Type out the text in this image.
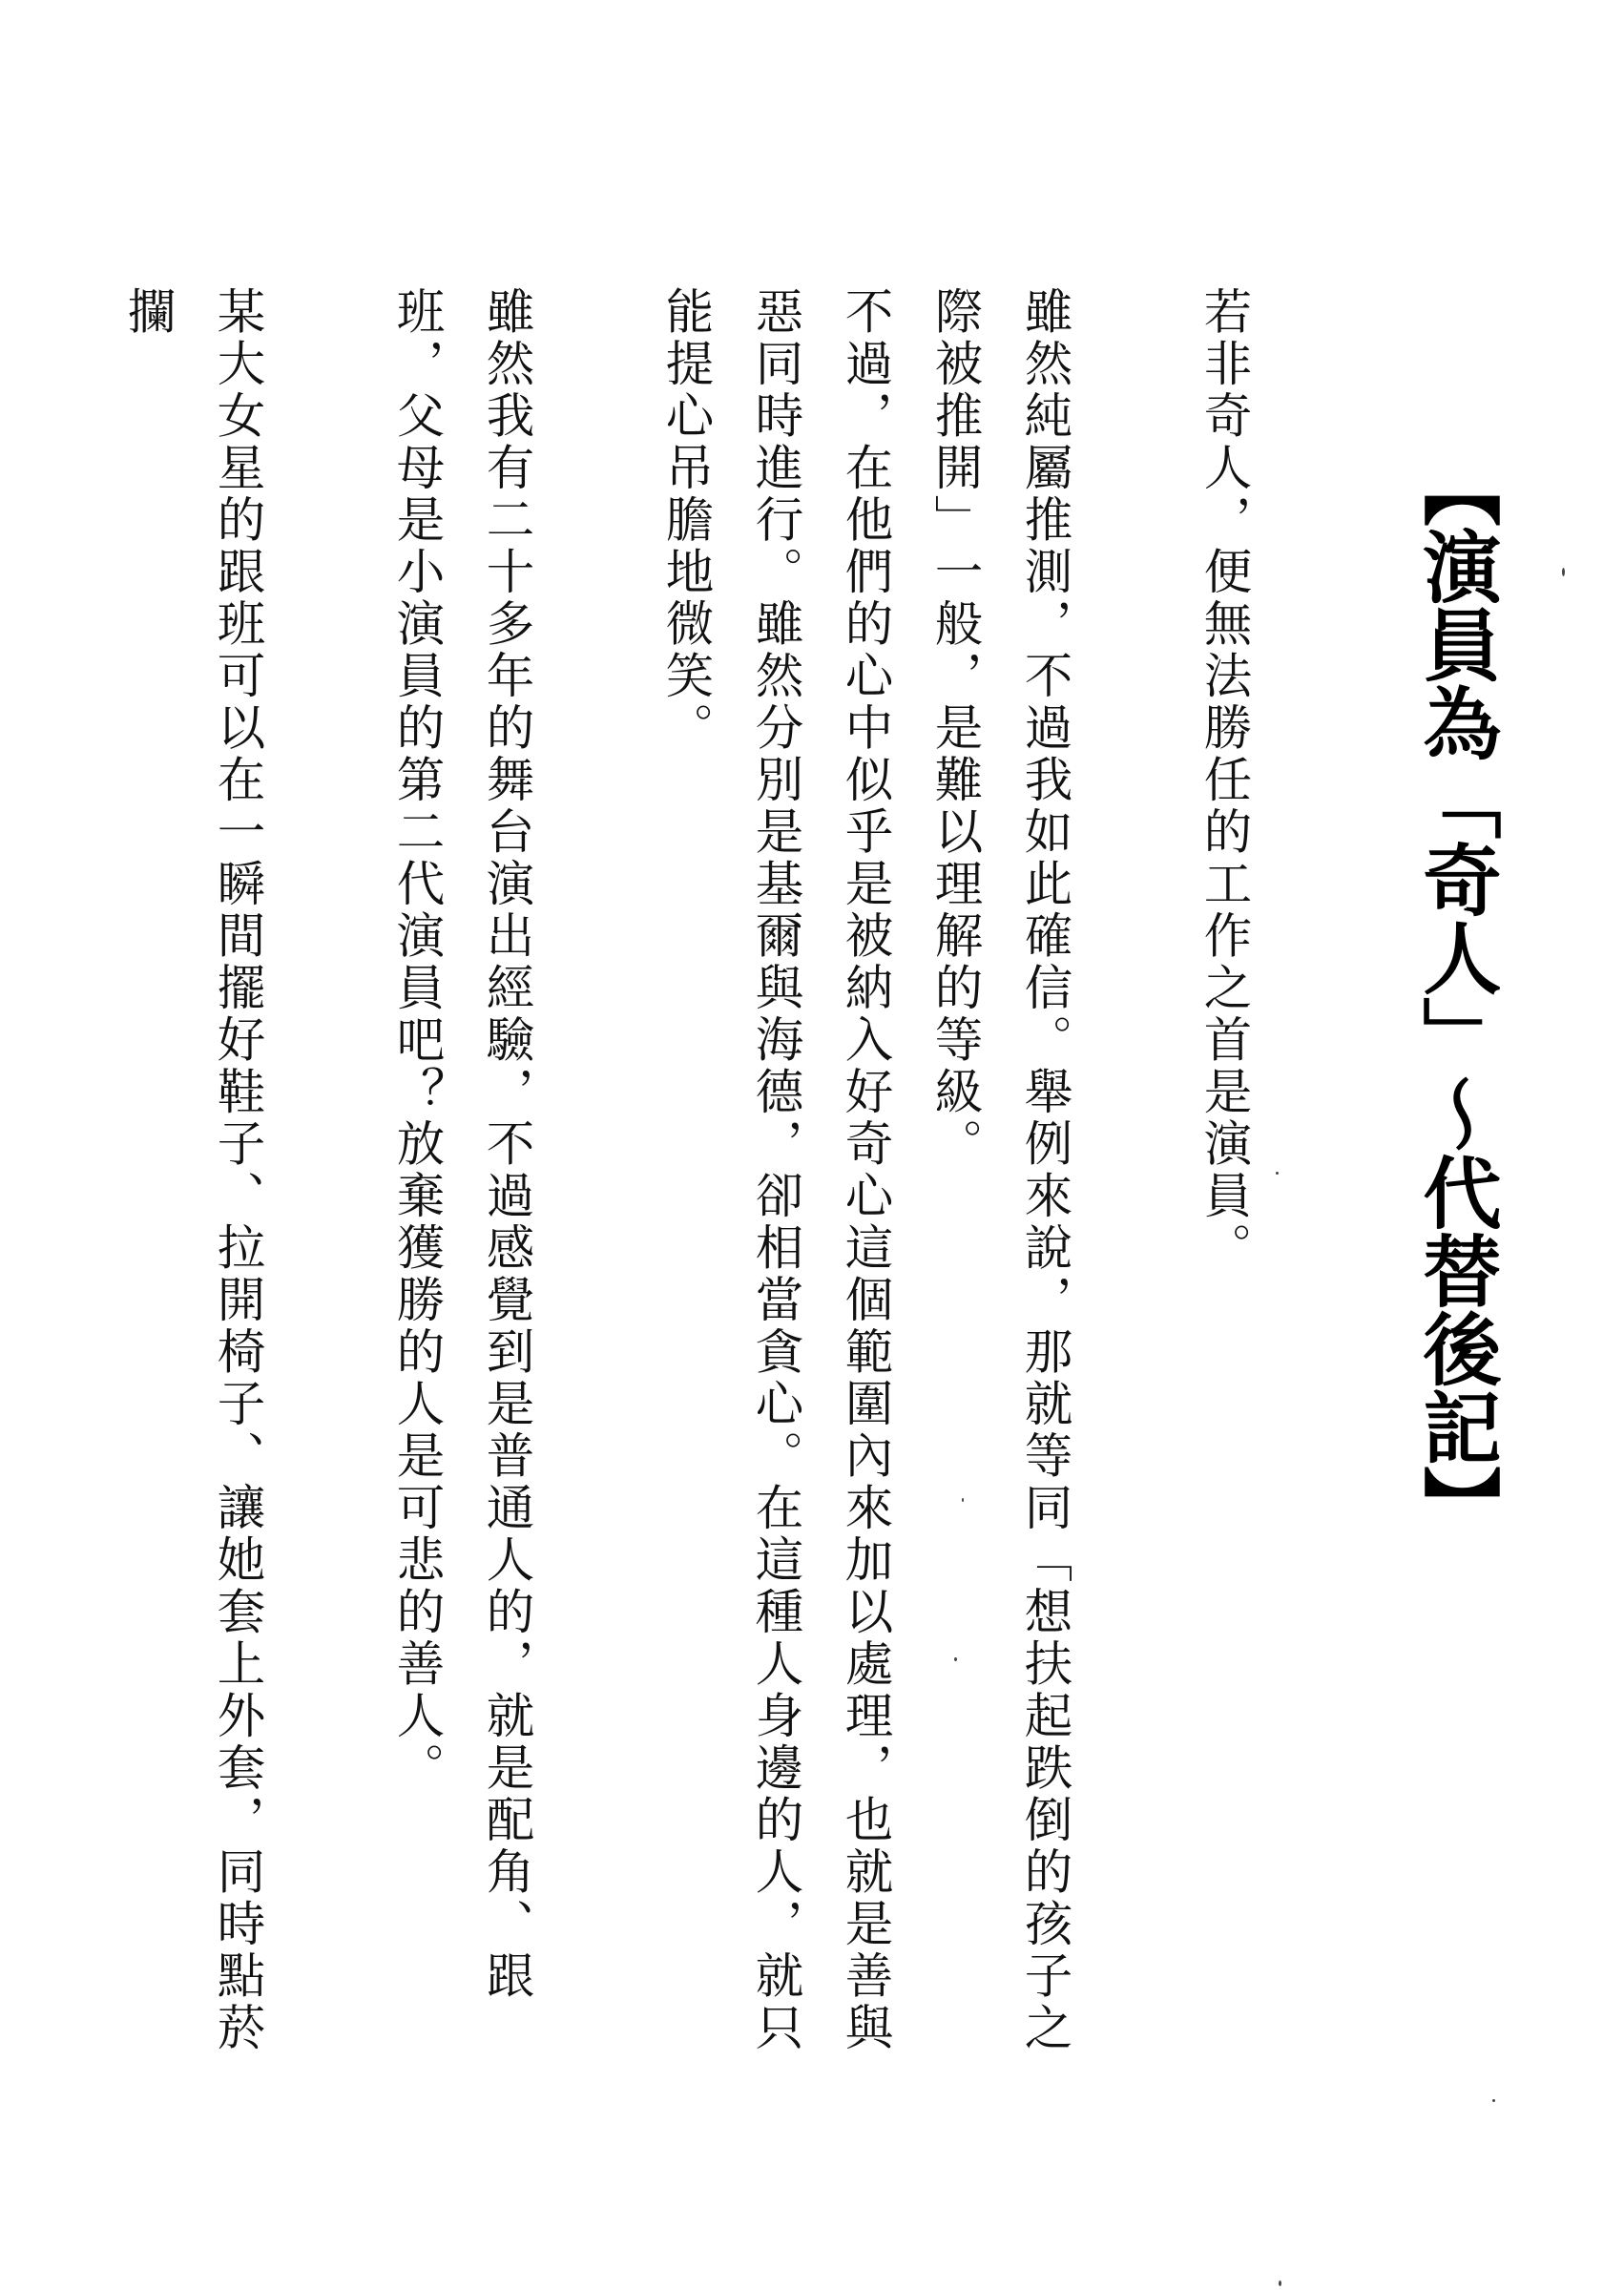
【演員為「奇人」～代替後記】

若非奇人，便無法勝任的工作之首是演員。

雖然純屬推測，不過我如此確信。舉例來說，那就等同「想扶起跌倒的孩子之際被推開」一般，是難以理解的等級。

不過，在他們的心中似乎是被納入好奇心這個範圍內來加以處理，也就是善與惡同時進行。雖然分別是基爾與海德，卻相當貪心。在這種人身邊的人，就只能提心吊膽地微笑。

雖然我有二十多年的舞台演出經驗，不過感覺到是普通人的，就是配角、跟班，父母是小演員的第二代演員吧？放棄獲勝的人是可悲的善人。

某大女星的跟班可以在一瞬間擺好鞋子、拉開椅子、讓她套上外套，同時點菸攔
